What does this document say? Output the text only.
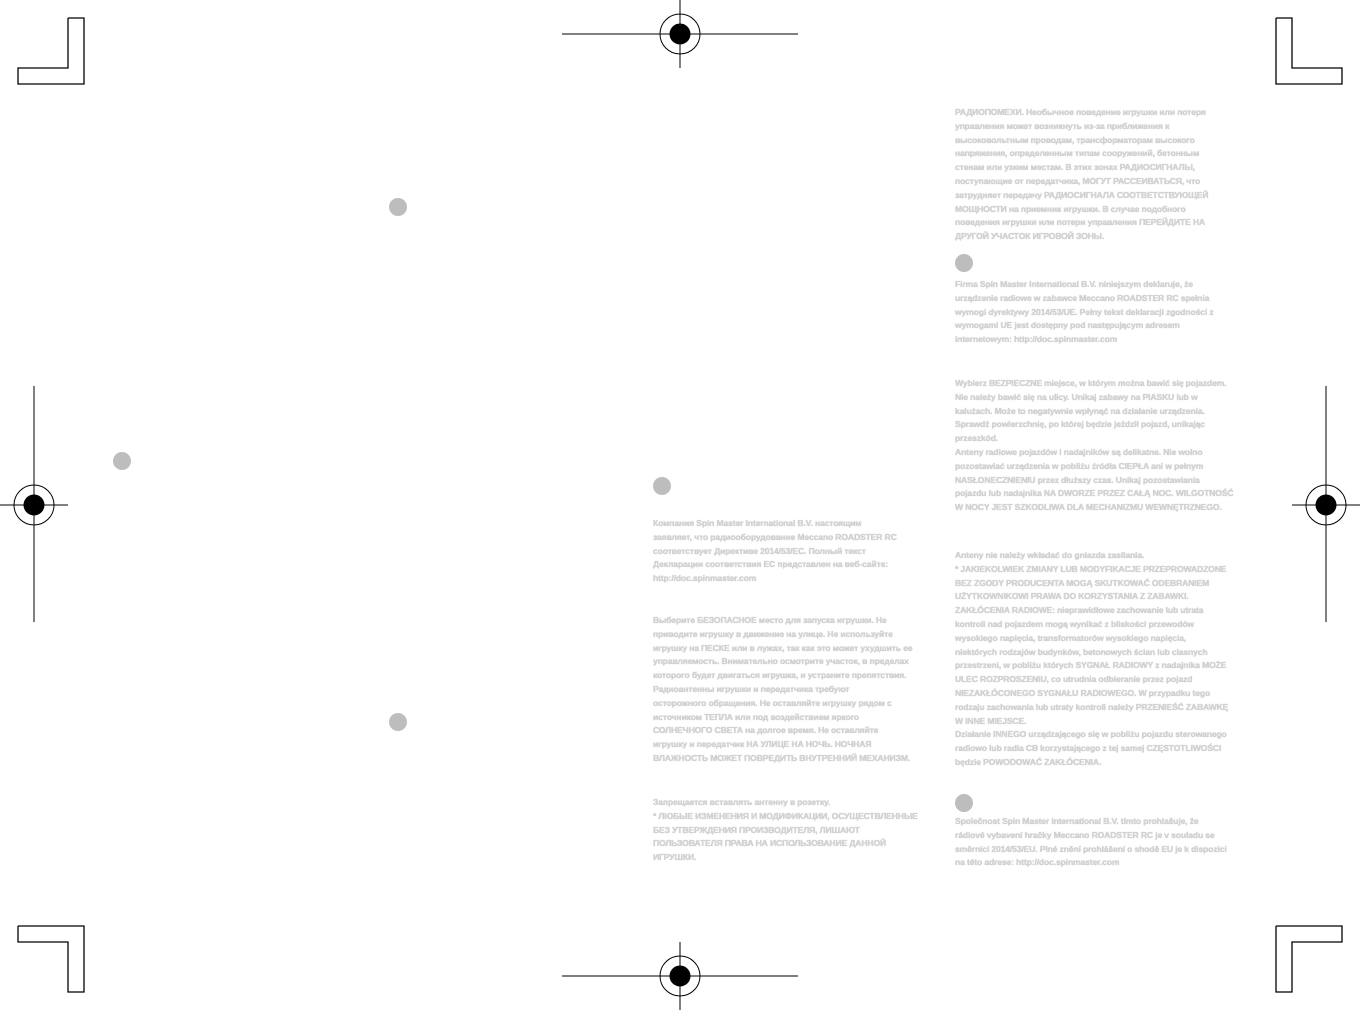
РАДИОПОМЕХИ. Необычное поведение игрушки или потеря
управления может возникнуть из-за приближения к
высоковольтным проводам, трансформаторам высокого
напряжения, определенным типам сооружений, бетонным
стенам или узким местам. В этих зонах РАДИОСИГНАЛЫ,
поступающие от передатчика, МОГУТ РАССЕИВАТЬСЯ, что
затрудняет передачу РАДИОСИГНАЛА СООТВЕТСТВУЮЩЕЙ
МОЩНОСТИ на приемник игрушки. В случае подобного
поведения игрушки или потери управления ПЕРЕЙДИТЕ НА
ДРУГОЙ УЧАСТОК ИГРОВОЙ ЗОНЫ.
Firma Spin Master International B.V. niniejszym deklaruje, że
urządzenie radiowe w zabawce Meccano ROADSTER RC spełnia
wymogi dyrektywy 2014/53/UE. Pełny tekst deklaracji zgodności z
wymogami UE jest dostępny pod następującym adresem
internetowym: http://doc.spinmaster.com
Wybierz BEZPIECZNE miejsce, w którym można bawić się pojazdem.
Nie należy bawić się na ulicy. Unikaj zabawy na PIASKU lub w
kałużach. Może to negatywnie wpłynąć na działanie urządzenia.
Sprawdź powierzchnię, po której będzie jeździł pojazd, unikając
przeszkód.
Anteny radiowe pojazdów i nadajników są delikatne. Nie wolno
pozostawiać urządzenia w pobliżu źródła CIEPŁA ani w pełnym
NASŁONECZNIENIU przez dłuższy czas. Unikaj pozostawiania
pojazdu lub nadajnika NA DWORZE PRZEZ CAŁĄ NOC. WILGOTNOŚĆ
W NOCY JEST SZKODLIWA DLA MECHANIZMU WEWNĘTRZNEGO.
Anteny nie należy wkładać do gniazda zasilania.
* JAKIEKOLWIEK ZMIANY LUB MODYFIKACJE PRZEPROWADZONE
BEZ ZGODY PRODUCENTA MOGĄ SKUTKOWAĆ ODEBRANIEM
UŻYTKOWNIKOWI PRAWA DO KORZYSTANIA Z ZABAWKI.
ZAKŁÓCENIA RADIOWE: nieprawidłowe zachowanie lub utrata
kontroli nad pojazdem mogą wynikać z bliskości przewodów
wysokiego napięcia, transformatorów wysokiego napięcia,
niektórych rodzajów budynków, betonowych ścian lub ciasnych
przestrzeni, w pobliżu których SYGNAŁ RADIOWY z nadajnika MOŻE
ULEC ROZPROSZENIU, co utrudnia odbieranie przez pojazd
NIEZAKŁÓCONEGO SYGNAŁU RADIOWEGO. W przypadku tego
rodzaju zachowania lub utraty kontroli należy PRZENIEŚĆ ZABAWKĘ
W INNE MIEJSCE.
Działanie INNEGO urządzającego się w pobliżu pojazdu sterowanego
radiowo lub radia CB korzystającego z tej samej CZĘSTOTLIWOŚCI
będzie POWODOWAĆ ZAKŁÓCENIA.
Společnost Spin Master International B.V. tímto prohlašuje, že
rádiové vybavení hračky Meccano ROADSTER RC je v souladu se
směrnicí 2014/53/EU. Plné znění prohlášení o shodě EU je k dispozici
na této adrese: http://doc.spinmaster.com
Компания Spin Master International B.V. настоящим
заявляет, что радиооборудование Meccano ROADSTER RC
соответствует Директиве 2014/53/ЕС. Полный текст
Декларации соответствия ЕС представлен на веб-сайте:
http://doc.spinmaster.com
Выберите БЕЗОПАСНОЕ место для запуска игрушки. Не
приводите игрушку в движение на улице. Не используйте
игрушку на ПЕСКЕ или в лужах, так как это может ухудшить ее
управляемость. Внимательно осмотрите участок, в пределах
которого будет двигаться игрушка, и устраните препятствия.
Радиоантенны игрушки и передатчика требуют
осторожного обращения. Не оставляйте игрушку рядом с
источником ТЕПЛА или под воздействием яркого
СОЛНЕЧНОГО СВЕТА на долгое время. Не оставляйте
игрушку и передатчик НА УЛИЦЕ НА НОЧЬ. НОЧНАЯ
ВЛАЖНОСТЬ МОЖЕТ ПОВРЕДИТЬ ВНУТРЕННИЙ МЕХАНИЗМ.
Запрещается вставлять антенну в розетку.
* ЛЮБЫЕ ИЗМЕНЕНИЯ И МОДИФИКАЦИИ, ОСУЩЕСТВЛЕННЫЕ
БЕЗ УТВЕРЖДЕНИЯ ПРОИЗВОДИТЕЛЯ, ЛИШАЮТ
ПОЛЬЗОВАТЕЛЯ ПРАВА НА ИСПОЛЬЗОВАНИЕ ДАННОЙ
ИГРУШКИ.
